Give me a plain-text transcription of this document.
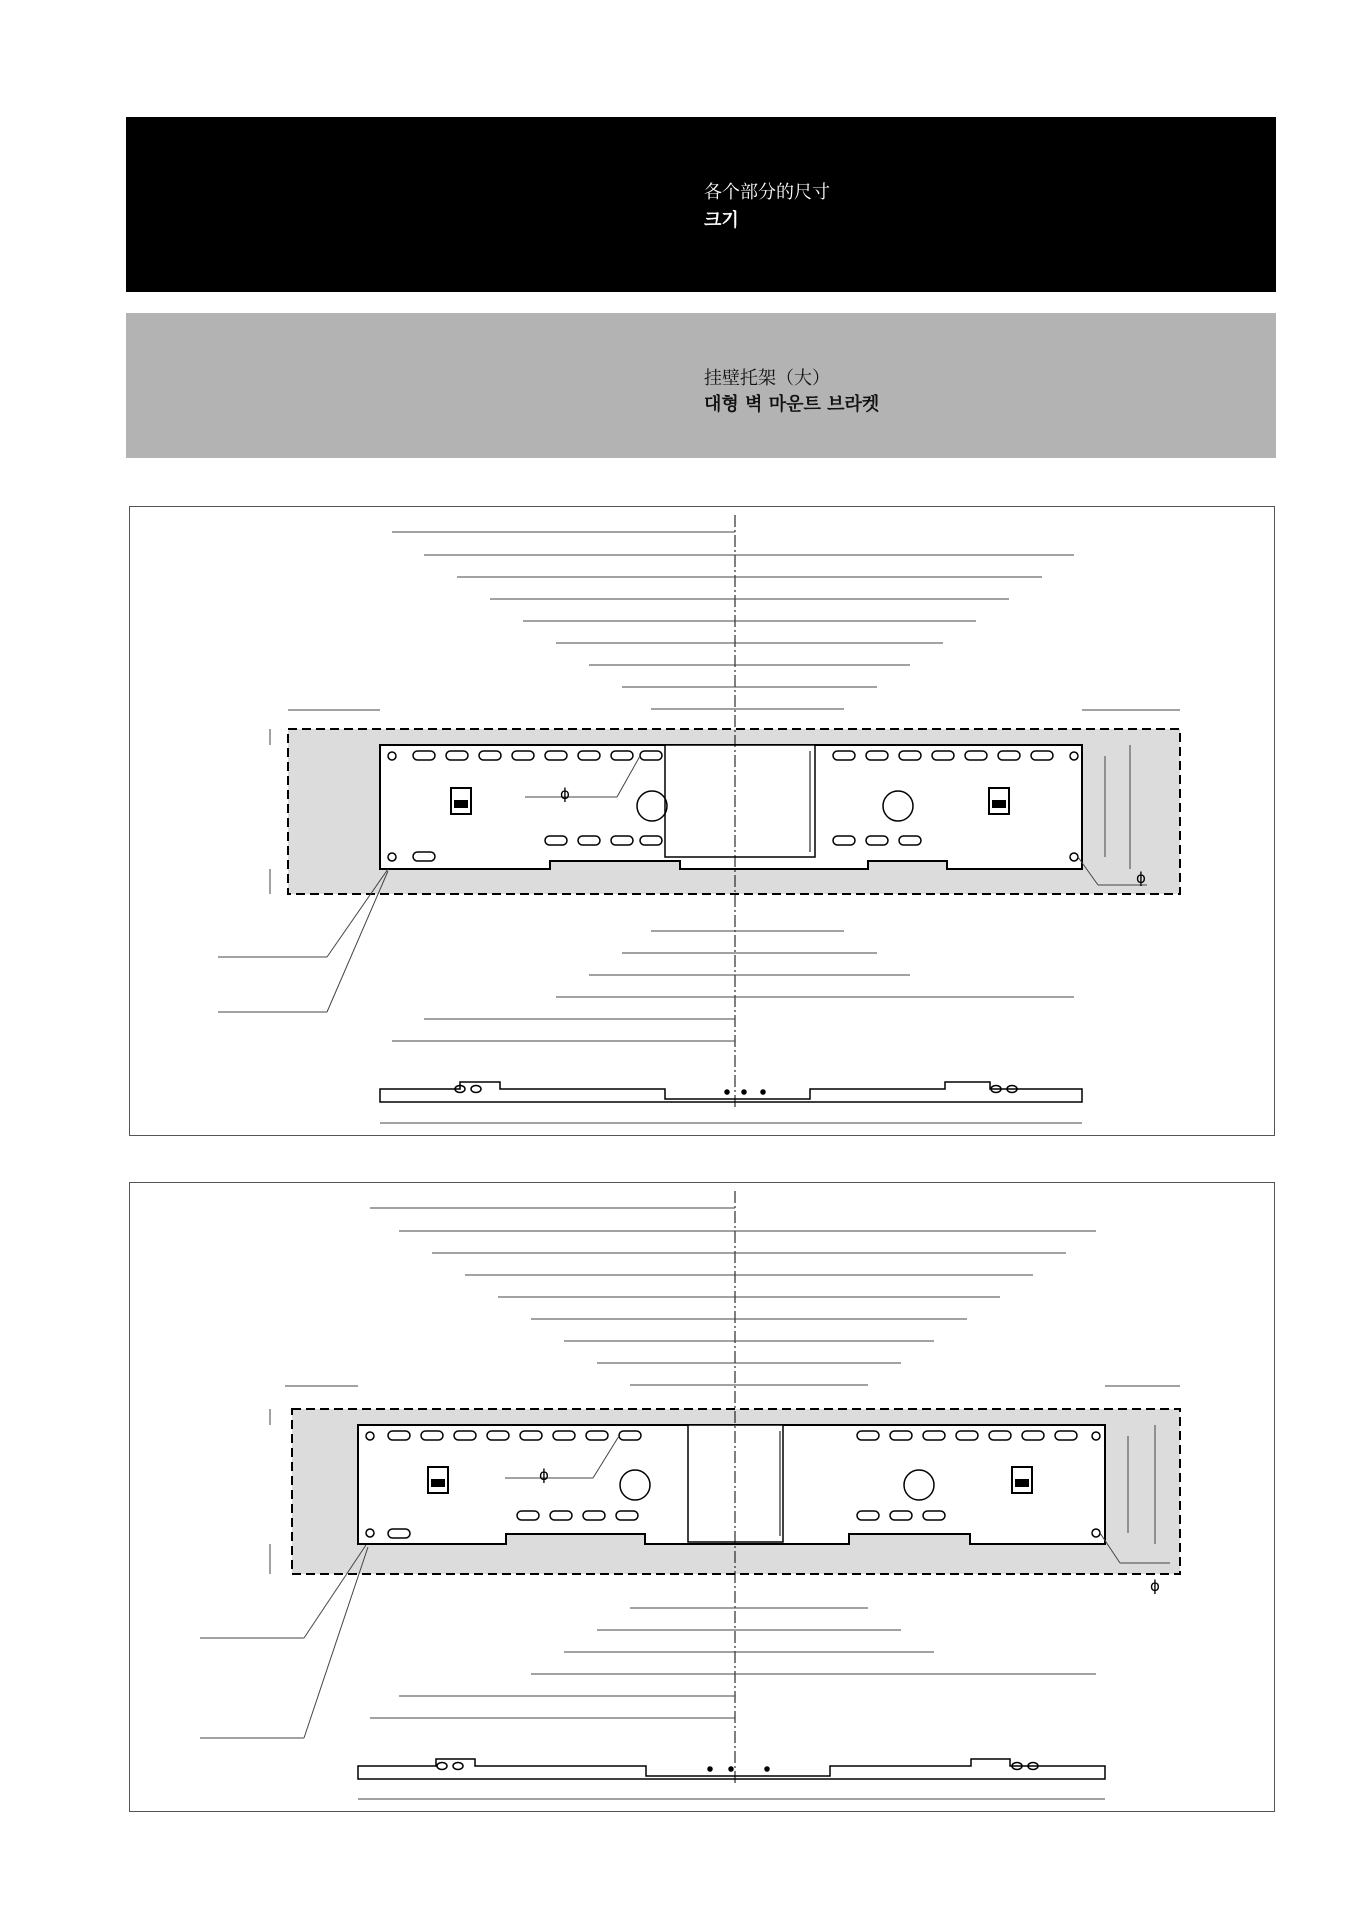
各个部分的尺寸
크기
挂壁托架（大）
대형 벽 마운트 브라켓
ϕ
ϕ
ϕ
ϕ
